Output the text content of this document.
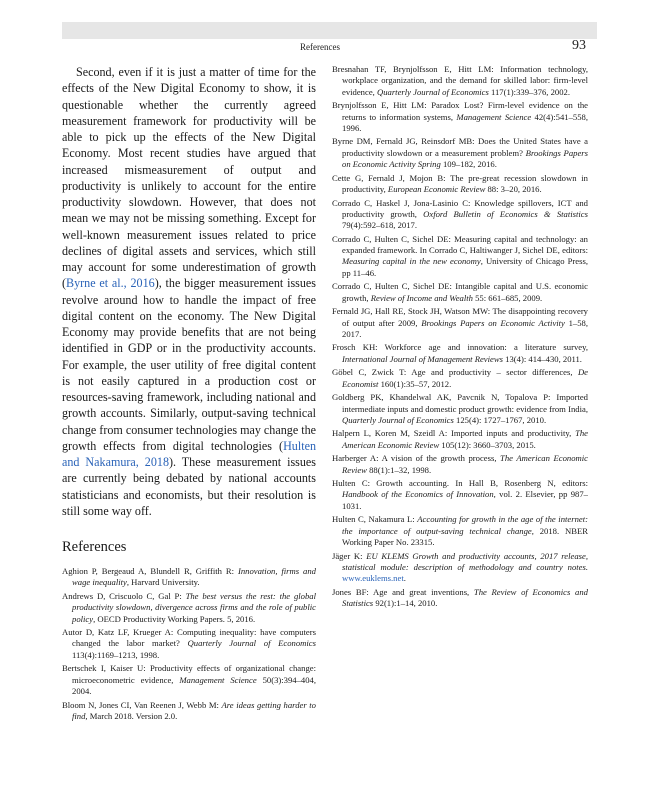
References	93

Second, even if it is just a matter of time for the effects of the New Digital Economy to show, it is questionable whether the currently agreed measurement framework for productivity will be able to pick up the effects of the New Digital Economy. Most recent studies have argued that increased mismeasurement of output and productivity is unlikely to account for the entire productivity slowdown. However, that does not mean we may not be missing something. Except for well-known measurement issues related to price declines of digital assets and services, which still may account for some underestimation of growth (Byrne et al., 2016), the bigger measurement issues revolve around how to handle the impact of free digital content on the economy. The New Digital Economy may provide benefits that are not being identified in GDP or in the productivity accounts. For example, the user utility of free digital content is not easily captured in a production cost or resources-saving framework, including national and growth accounts. Similarly, output-saving technical change from consumer technologies may change the growth effects from digital technologies (Hulten and Nakamura, 2018). These measurement issues are currently being debated by national accounts statisticians and economists, but their resolution is still some way off.

References
Aghion P, Bergeaud A, Blundell R, Griffith R: Innovation, firms and wage inequality, Harvard University.
Andrews D, Criscuolo C, Gal P: The best versus the rest: the global productivity slowdown, divergence across firms and the role of public policy, OECD Productivity Working Papers. 5, 2016.
Autor D, Katz LF, Krueger A: Computing inequality: have computers changed the labor market? Quarterly Journal of Economics 113(4):1169–1213, 1998.
Bertschek I, Kaiser U: Productivity effects of organizational change: microeconometric evidence, Management Science 50(3):394–404, 2004.
Bloom N, Jones CI, Van Reenen J, Webb M: Are ideas getting harder to find, March 2018. Version 2.0.
Bresnahan TF, Brynjolfsson E, Hitt LM: Information technology, workplace organization, and the demand for skilled labor: firm-level evidence, Quarterly Journal of Economics 117(1):339–376, 2002.
Brynjolfsson E, Hitt LM: Paradox Lost? Firm-level evidence on the returns to information systems, Management Science 42(4):541–558, 1996.
Byrne DM, Fernald JG, Reinsdorf MB: Does the United States have a productivity slowdown or a measurement problem? Brookings Papers on Economic Activity Spring 109–182, 2016.
Cette G, Fernald J, Mojon B: The pre-great recession slowdown in productivity, European Economic Review 88: 3–20, 2016.
Corrado C, Haskel J, Jona-Lasinio C: Knowledge spillovers, ICT and productivity growth, Oxford Bulletin of Economics & Statistics 79(4):592–618, 2017.
Corrado C, Hulten C, Sichel DE: Measuring capital and technology: an expanded framework. In Corrado C, Haltiwanger J, Sichel DE, editors: Measuring capital in the new economy, University of Chicago Press, pp 11–46.
Corrado C, Hulten C, Sichel DE: Intangible capital and U.S. economic growth, Review of Income and Wealth 55: 661–685, 2009.
Fernald JG, Hall RE, Stock JH, Watson MW: The disappointing recovery of output after 2009, Brookings Papers on Economic Activity 1–58, 2017.
Frosch KH: Workforce age and innovation: a literature survey, International Journal of Management Reviews 13(4): 414–430, 2011.
Göbel C, Zwick T: Age and productivity – sector differences, De Economist 160(1):35–57, 2012.
Goldberg PK, Khandelwal AK, Pavcnik N, Topalova P: Imported intermediate inputs and domestic product growth: evidence from India, Quarterly Journal of Economics 125(4): 1727–1767, 2010.
Halpern L, Koren M, Szeidl A: Imported inputs and productivity, The American Economic Review 105(12): 3660–3703, 2015.
Harberger A: A vision of the growth process, The American Economic Review 88(1):1–32, 1998.
Hulten C: Growth accounting. In Hall B, Rosenberg N, editors: Handbook of the Economics of Innovation, vol. 2. Elsevier, pp 987–1031.
Hulten C, Nakamura L: Accounting for growth in the age of the internet: the importance of output-saving technical change, 2018. NBER Working Paper No. 23315.
Jäger K: EU KLEMS Growth and productivity accounts, 2017 release, statistical module: description of methodology and country notes. www.euklems.net.
Jones BF: Age and great inventions, The Review of Economics and Statistics 92(1):1–14, 2010.
